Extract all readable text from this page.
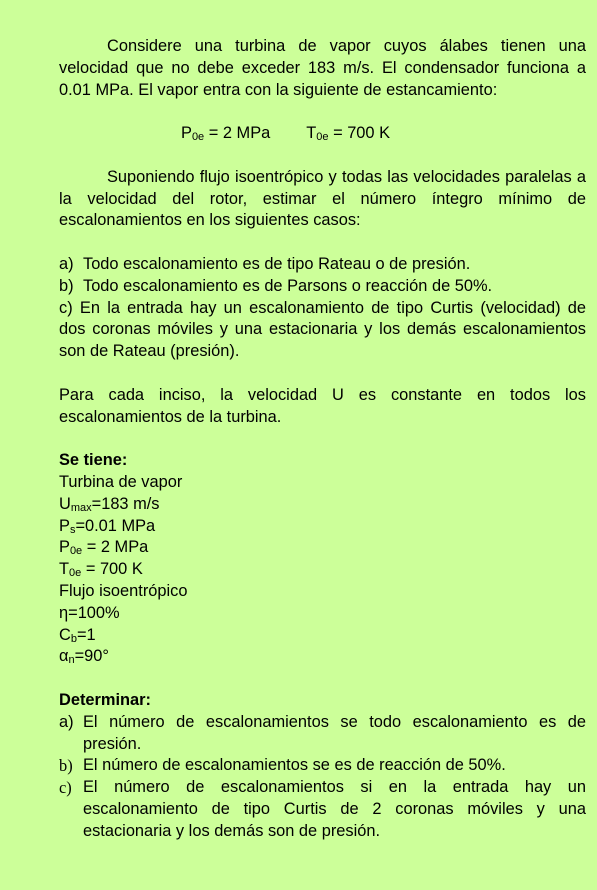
Considere una turbina de vapor cuyos álabes tienen una velocidad que no debe exceder 183 m/s. El condensador funciona a 0.01 MPa. El vapor entra con la siguiente de estancamiento:

$P_{0e} = 2$ MPa $T_{0e} = 700$ K

Suponiendo flujo isoentrópico y todas las velocidades paralelas a la velocidad del rotor, estimar el número íntegro mínimo de escalonamientos en los siguientes casos:

a) Todo escalonamiento es de tipo Rateau o de presión.
b) Todo escalonamiento es de Parsons o reacción de 50%.

c) En la entrada hay un escalonamiento de tipo Curtis (velocidad) de dos coronas móviles y una estacionaria y los demás escalonamientos son de Rateau (presión).

Para cada inciso, la velocidad U es constante en todos los escalonamientos de la turbina.

Se tiene:
Turbina de vapor
$U_{max}=183$ m/s
$P_s=0.01$ MPa
$P_{0e} = 2$ MPa
$T_{0e} = 700$ K
Flujo isoentrópico
η=100%
$C_b=1$
$\alpha_n=90^\circ$
Determinar:
a) El número de escalonamientos se todo escalonamiento es de presión.
b) El número de escalonamientos se es de reacción de 50%.
c) El número de escalonamientos si en la entrada hay un escalonamiento de tipo Curtis de 2 coronas móviles y una estacionaria y los demás son de presión.
